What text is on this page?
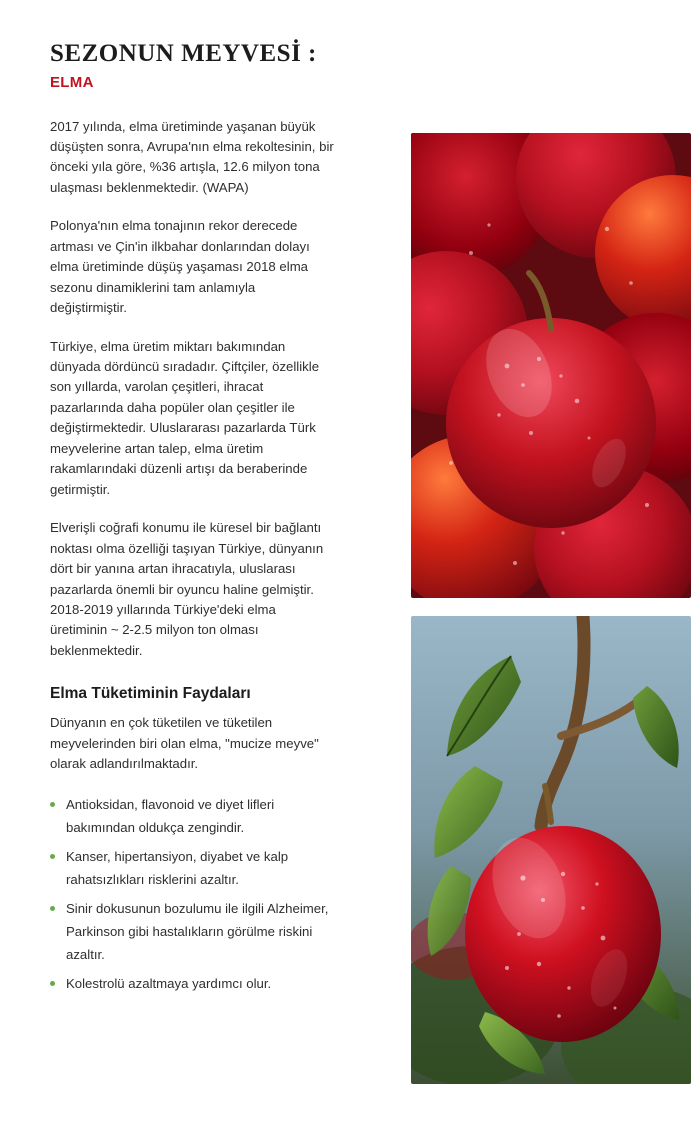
SEZONUN MEYVESİ :
ELMA

2017 yılında, elma üretiminde yaşanan büyük düşüşten sonra, Avrupa'nın elma rekoltesinin, bir önceki yıla göre, %36 artışla, 12.6 milyon tona ulaşması beklenmektedir. (WAPA)

Polonya'nın elma tonajının rekor derecede artması ve Çin'in ilkbahar donlarından dolayı elma üretiminde düşüş yaşaması 2018 elma sezonu dinamiklerini tam anlamıyla değiştirmiştir.

Türkiye, elma üretim miktarı bakımından dünyada dördüncü sıradadır. Çiftçiler, özellikle son yıllarda, varolan çeşitleri, ihracat pazarlarında daha popüler olan çeşitler ile değiştirmektedir. Uluslararası pazarlarda Türk meyvelerine artan talep, elma üretim rakamlarındaki düzenli artışı da beraberinde getirmiştir.

Elverişli coğrafi konumu ile küresel bir bağlantı noktası olma özelliği taşıyan Türkiye, dünyanın dört bir yanına artan ihracatıyla, uluslarası pazarlarda önemli bir oyuncu haline gelmiştir.

2018-2019 yıllarında Türkiye'deki elma üretiminin ~ 2-2.5 milyon ton olması beklenmektedir.

Elma Tüketiminin Faydaları

Dünyanın en çok tüketilen ve tüketilen meyvelerinden biri olan elma, "mucize meyve" olarak adlandırılmaktadır.

Antioksidan, flavonoid ve diyet lifleri bakımından oldukça zengindir.
Kanser, hipertansiyon, diyabet ve kalp rahatsızlıkları risklerini azaltır.
Sinir dokusunun bozulumu ile ilgili Alzheimer, Parkinson gibi hastalıkların görülme riskini azaltır.
Kolestrolü azaltmaya yardımcı olur.
